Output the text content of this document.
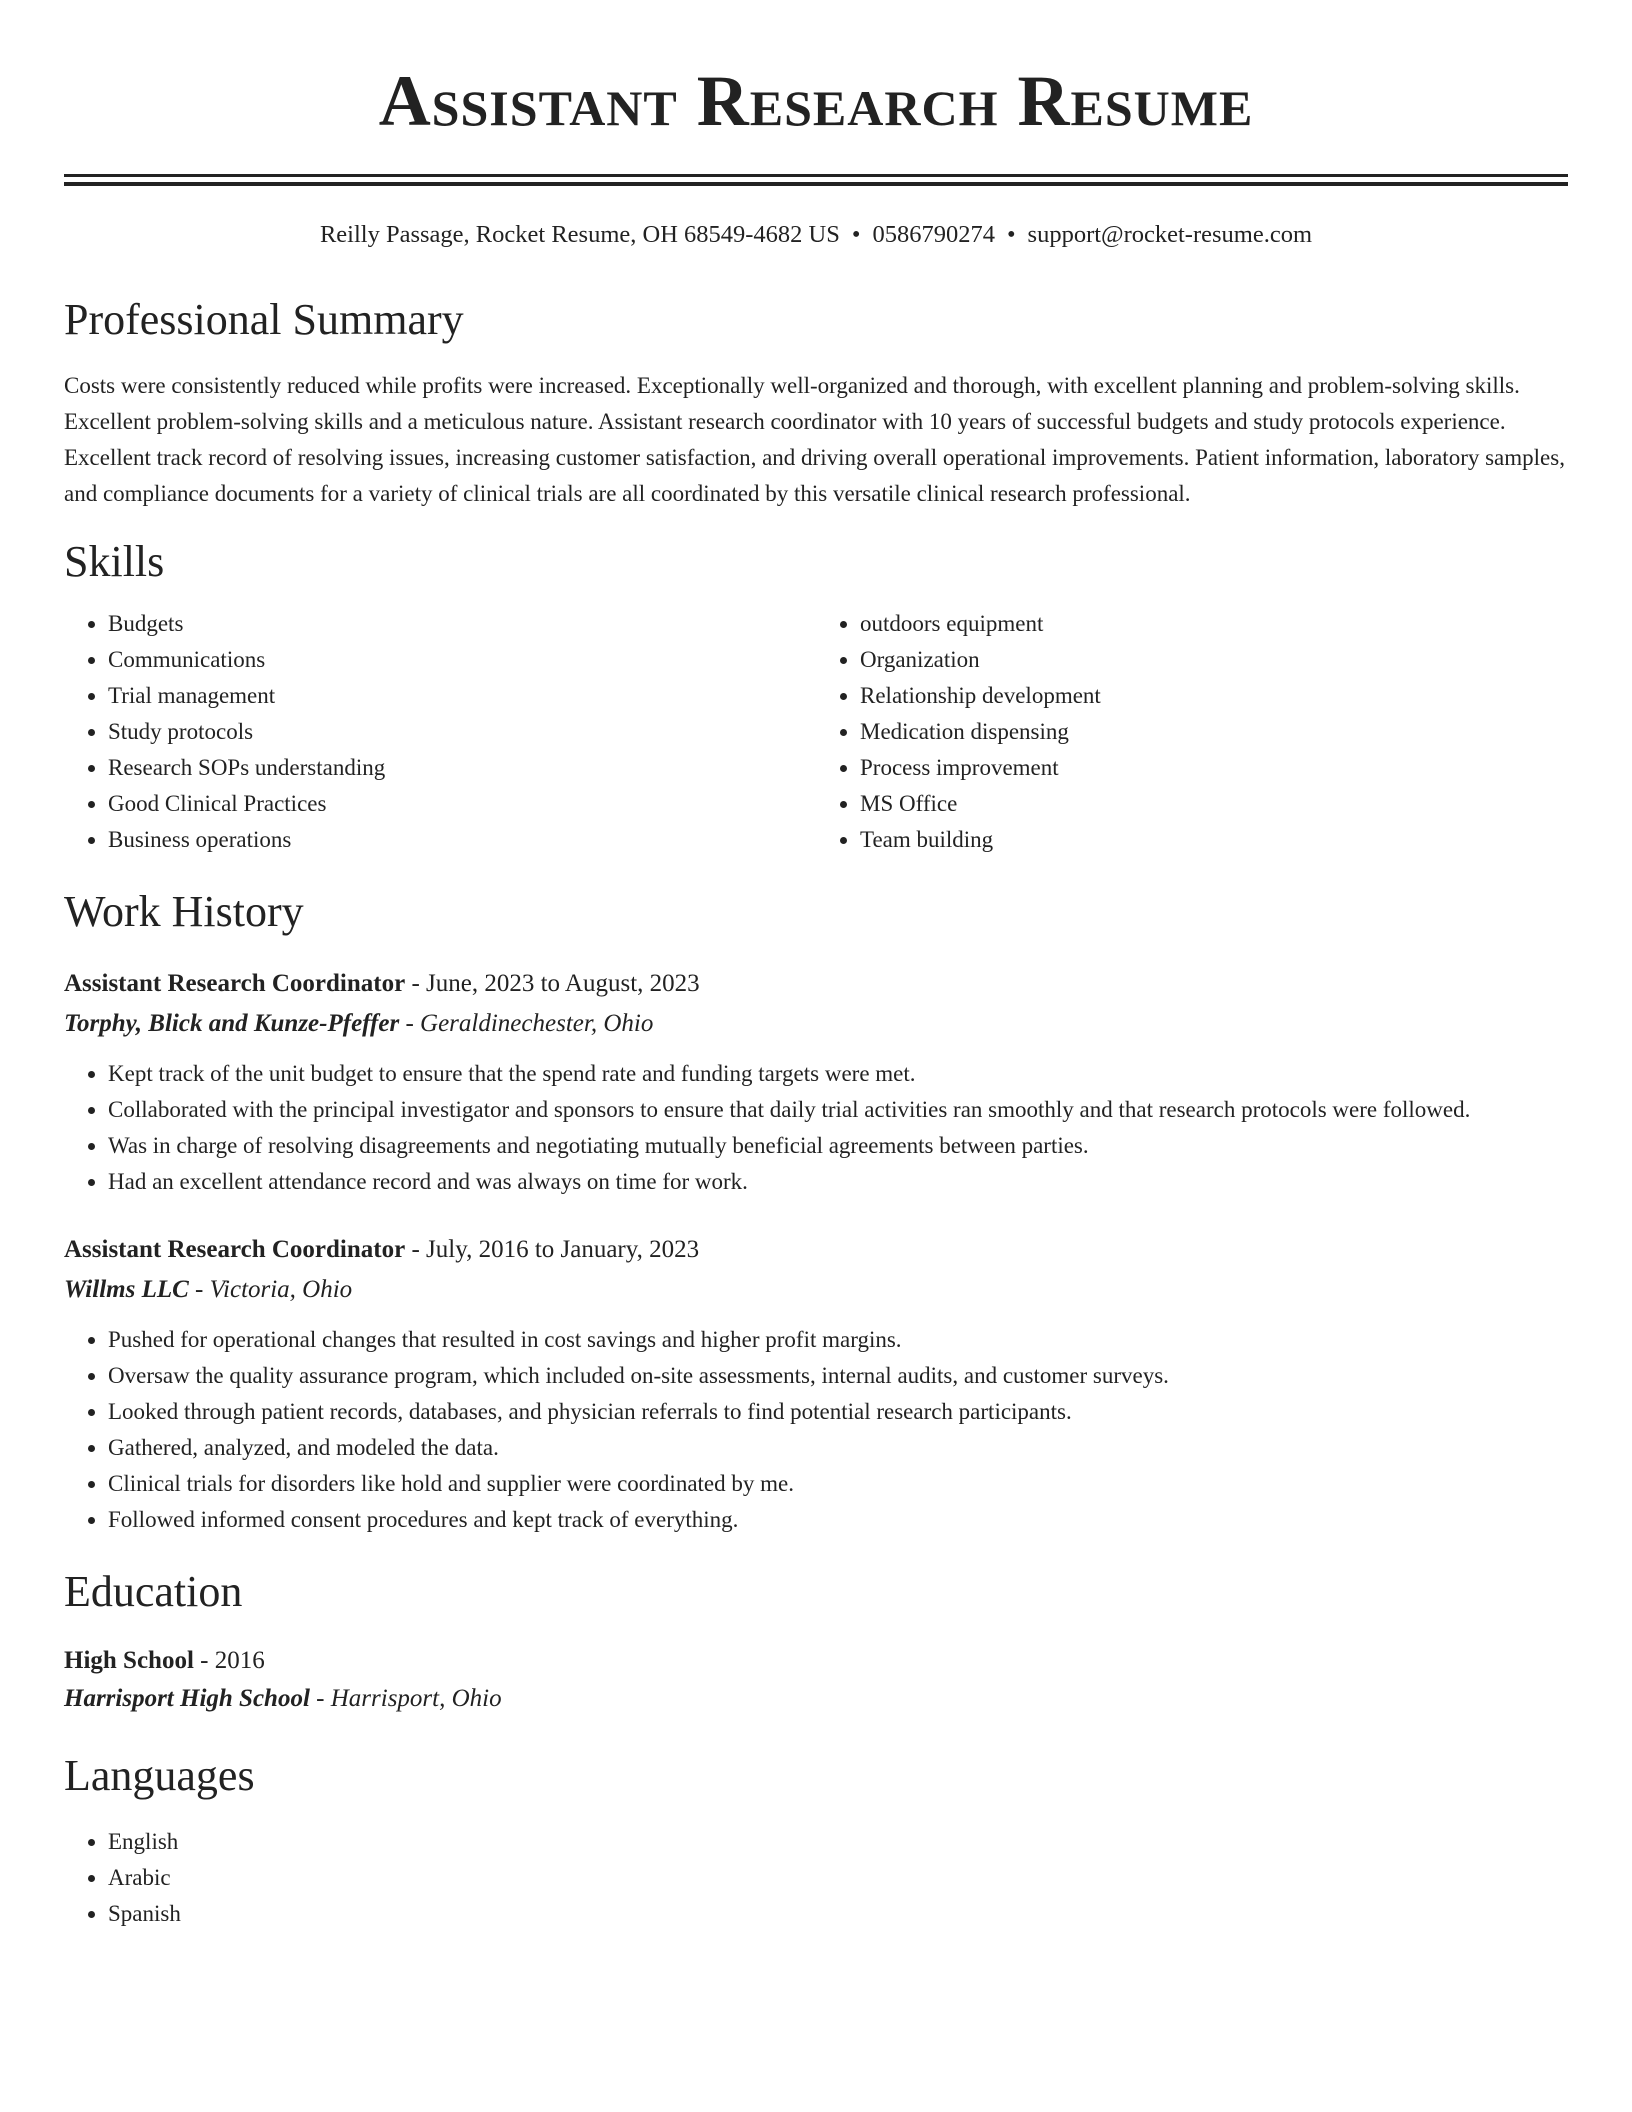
Assistant Research Resume
Reilly Passage, Rocket Resume, OH 68549-4682 US • 0586790274 • support@rocket-resume.com
Professional Summary
Costs were consistently reduced while profits were increased. Exceptionally well-organized and thorough, with excellent planning and problem-solving skills. Excellent problem-solving skills and a meticulous nature. Assistant research coordinator with 10 years of successful budgets and study protocols experience. Excellent track record of resolving issues, increasing customer satisfaction, and driving overall operational improvements. Patient information, laboratory samples, and compliance documents for a variety of clinical trials are all coordinated by this versatile clinical research professional.
Skills
• Budgets
• Communications
• Trial management
• Study protocols
• Research SOPs understanding
• Good Clinical Practices
• Business operations
• outdoors equipment
• Organization
• Relationship development
• Medication dispensing
• Process improvement
• MS Office
• Team building
Work History
Assistant Research Coordinator - June, 2023 to August, 2023
Torphy, Blick and Kunze-Pfeffer - Geraldinechester, Ohio
• Kept track of the unit budget to ensure that the spend rate and funding targets were met.
• Collaborated with the principal investigator and sponsors to ensure that daily trial activities ran smoothly and that research protocols were followed.
• Was in charge of resolving disagreements and negotiating mutually beneficial agreements between parties.
• Had an excellent attendance record and was always on time for work.
Assistant Research Coordinator - July, 2016 to January, 2023
Willms LLC - Victoria, Ohio
• Pushed for operational changes that resulted in cost savings and higher profit margins.
• Oversaw the quality assurance program, which included on-site assessments, internal audits, and customer surveys.
• Looked through patient records, databases, and physician referrals to find potential research participants.
• Gathered, analyzed, and modeled the data.
• Clinical trials for disorders like hold and supplier were coordinated by me.
• Followed informed consent procedures and kept track of everything.
Education
High School - 2016
Harrisport High School - Harrisport, Ohio
Languages
• English
• Arabic
• Spanish
